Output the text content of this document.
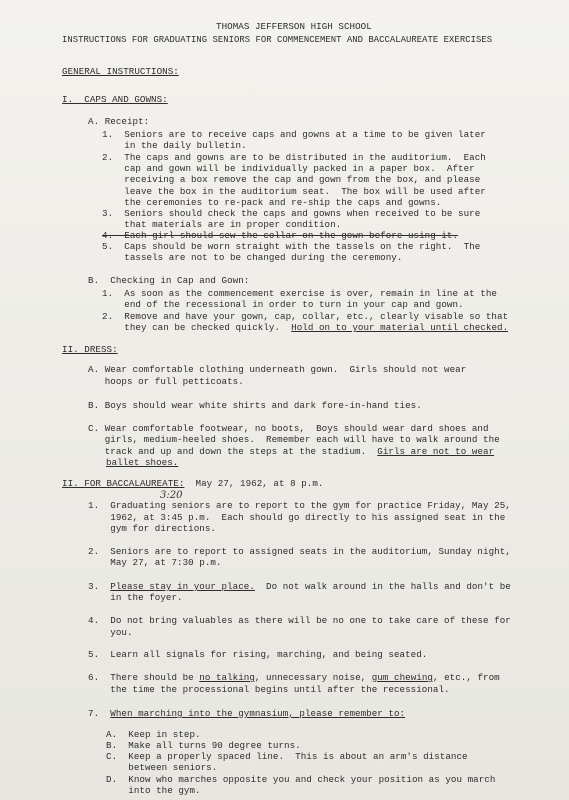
THOMAS JEFFERSON HIGH SCHOOL
INSTRUCTIONS FOR GRADUATING SENIORS FOR COMMENCEMENT AND BACCALAUREATE EXERCISES
GENERAL INSTRUCTIONS:
I.  CAPS AND GOWNS:
A. Receipt:
1.  Seniors are to receive caps and gowns at a time to be given later
in the daily bulletin.
2.  The caps and gowns are to be distributed in the auditorium.  Each
cap and gown will be individually packed in a paper box.  After
receiving a box remove the cap and gown from the box, and please
leave the box in the auditorium seat.  The box will be used after
the ceremonies to re-pack and re-ship the caps and gowns.
3.  Seniors should check the caps and gowns when received to be sure
that materials are in proper condition.
4.  Each girl should sew the collar on the gown before using it.
5.  Caps should be worn straight with the tassels on the right.  The
tassels are not to be changed during the ceremony.
B.  Checking in Cap and Gown:
1.  As soon as the commencement exercise is over, remain in line at the
end of the recessional in order to turn in your cap and gown.
2.  Remove and have your gown, cap, collar, etc., clearly visable so that
they can be checked quickly.  Hold on to your material until checked.
II. DRESS:
A. Wear comfortable clothing underneath gown.  Girls should not wear
hoops or full petticoats.
B. Boys should wear white shirts and dark fore-in-hand ties.
C. Wear comfortable footwear, no boots,  Boys should wear dard shoes and
girls, medium-heeled shoes.  Remember each will have to walk around the
track and up and down the steps at the stadium.  Girls are not to wear
ballet shoes.
II. FOR BACCALAUREATE:  May 27, 1962, at 8 p.m.
3:20
1.  Graduating seniors are to report to the gym for practice Friday, May 25,
1962, at 3:45 p.m.  Each should go directly to his assigned seat in the
gym for directions.
2.  Seniors are to report to assigned seats in the auditorium, Sunday night,
May 27, at 7:30 p.m.
3.  Please stay in your place.  Do not walk around in the halls and don't be
in the foyer.
4.  Do not bring valuables as there will be no one to take care of these for
you.
5.  Learn all signals for rising, marching, and being seated.
6.  There should be no talking, unnecessary noise, gum chewing, etc., from
the time the processional begins until after the recessional.
7.  When marching into the gymnasium, please remember to:
A.  Keep in step.
B.  Make all turns 90 degree turns.
C.  Keep a properly spaced line.  This is about an arm's distance
between seniors.
D.  Know who marches opposite you and check your position as you march
into the gym.
